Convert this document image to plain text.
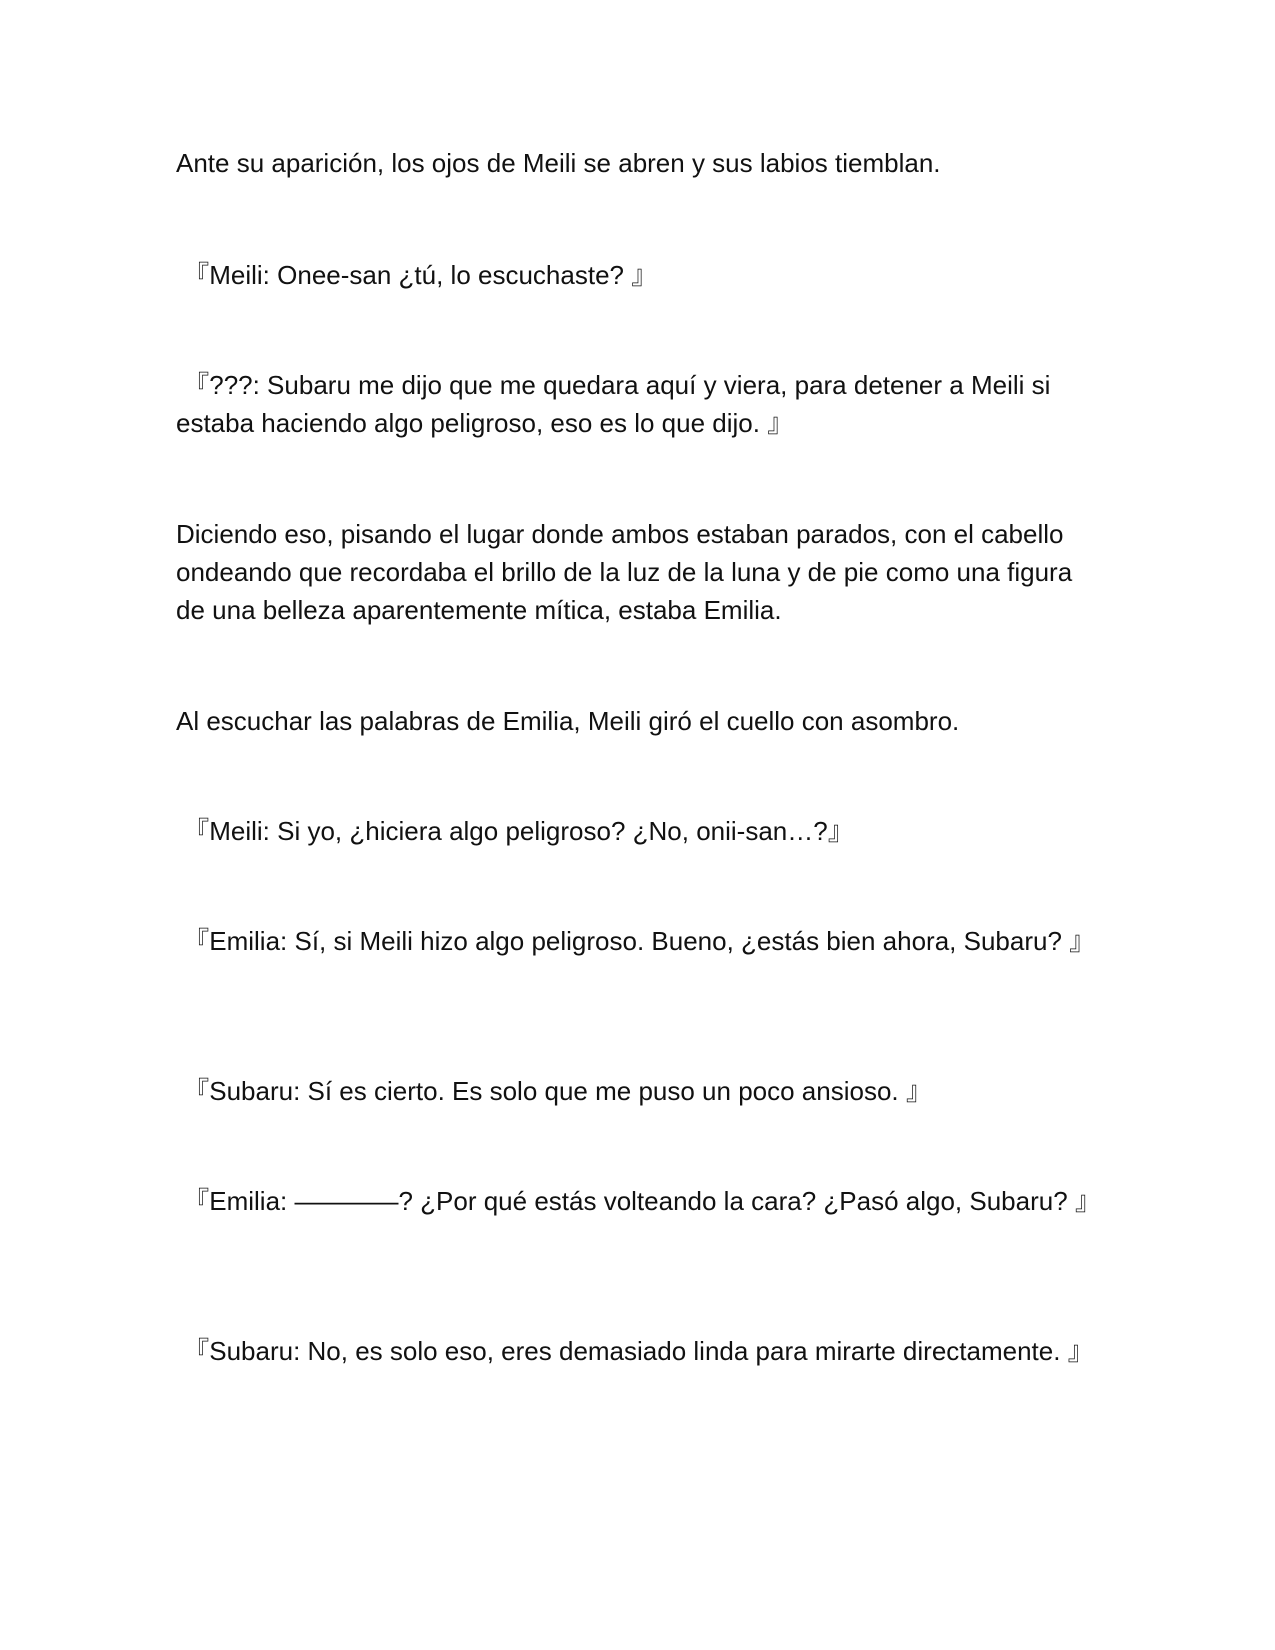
Ante su aparición, los ojos de Meili se abren y sus labios tiemblan.

『Meili: Onee-san ¿tú, lo escuchaste? 』

『???: Subaru me dijo que me quedara aquí y viera, para detener a Meili si estaba haciendo algo peligroso, eso es lo que dijo. 』

Diciendo eso, pisando el lugar donde ambos estaban parados, con el cabello ondeando que recordaba el brillo de la luz de la luna y de pie como una figura de una belleza aparentemente mítica, estaba Emilia.

Al escuchar las palabras de Emilia, Meili giró el cuello con asombro.

『Meili: Si yo, ¿hiciera algo peligroso? ¿No, onii-san…?』

『Emilia: Sí, si Meili hizo algo peligroso. Bueno, ¿estás bien ahora, Subaru? 』

『Subaru: Sí es cierto. Es solo que me puso un poco ansioso. 』

『Emilia: ————? ¿Por qué estás volteando la cara? ¿Pasó algo, Subaru? 』

『Subaru: No, es solo eso, eres demasiado linda para mirarte directamente. 』
